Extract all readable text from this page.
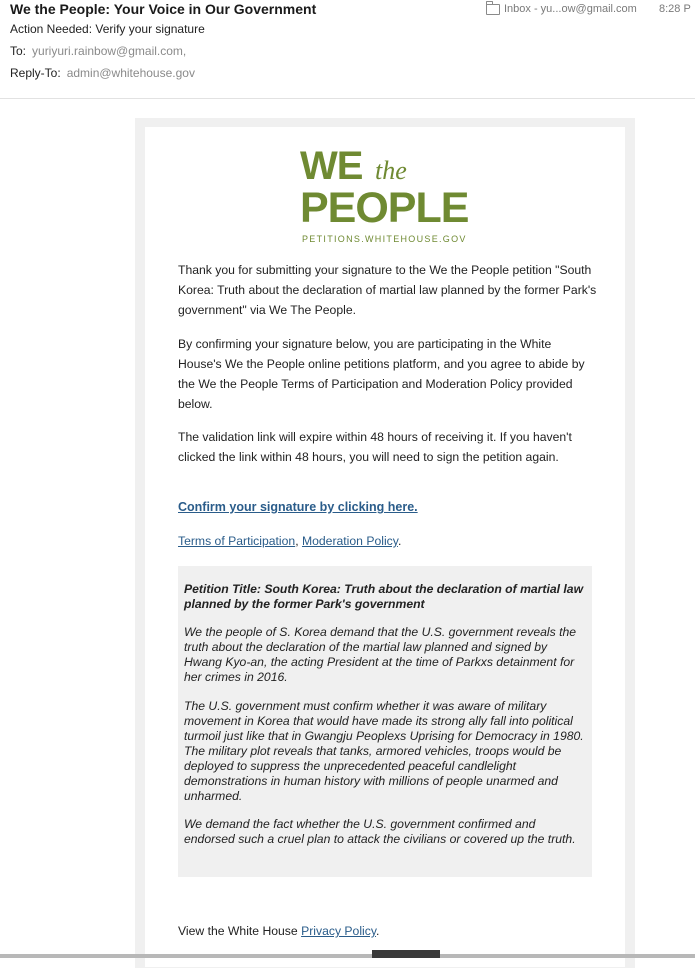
We the People: Your Voice in Our Government	Inbox - yu...ow@gmail.com 8:28 P
Action Needed: Verify your signature
To: yuriyuri.rainbow@gmail.com,
Reply-To: admin@whitehouse.gov
WE the
PEOPLE
PETITIONS.WHITEHOUSE.GOV
Thank you for submitting your signature to the We the People petition "South Korea: Truth about the declaration of martial law planned by the former Park's government" via We The People.
By confirming your signature below, you are participating in the White House's We the People online petitions platform, and you agree to abide by the We the People Terms of Participation and Moderation Policy provided below.
The validation link will expire within 48 hours of receiving it. If you haven't clicked the link within 48 hours, you will need to sign the petition again.
Confirm your signature by clicking here.
Terms of Participation, Moderation Policy.
Petition Title: South Korea: Truth about the declaration of martial law planned by the former Park's government
We the people of S. Korea demand that the U.S. government reveals the truth about the declaration of the martial law planned and signed by Hwang Kyo-an, the acting President at the time of Parkxs detainment for her crimes in 2016.
The U.S. government must confirm whether it was aware of military movement in Korea that would have made its strong ally fall into political turmoil just like that in Gwangju Peoplexs Uprising for Democracy in 1980. The military plot reveals that tanks, armored vehicles, troops would be deployed to suppress the unprecedented peaceful candlelight demonstrations in human history with millions of people unarmed and unharmed.
We demand the fact whether the U.S. government confirmed and endorsed such a cruel plan to attack the civilians or covered up the truth.
View the White House Privacy Policy.
